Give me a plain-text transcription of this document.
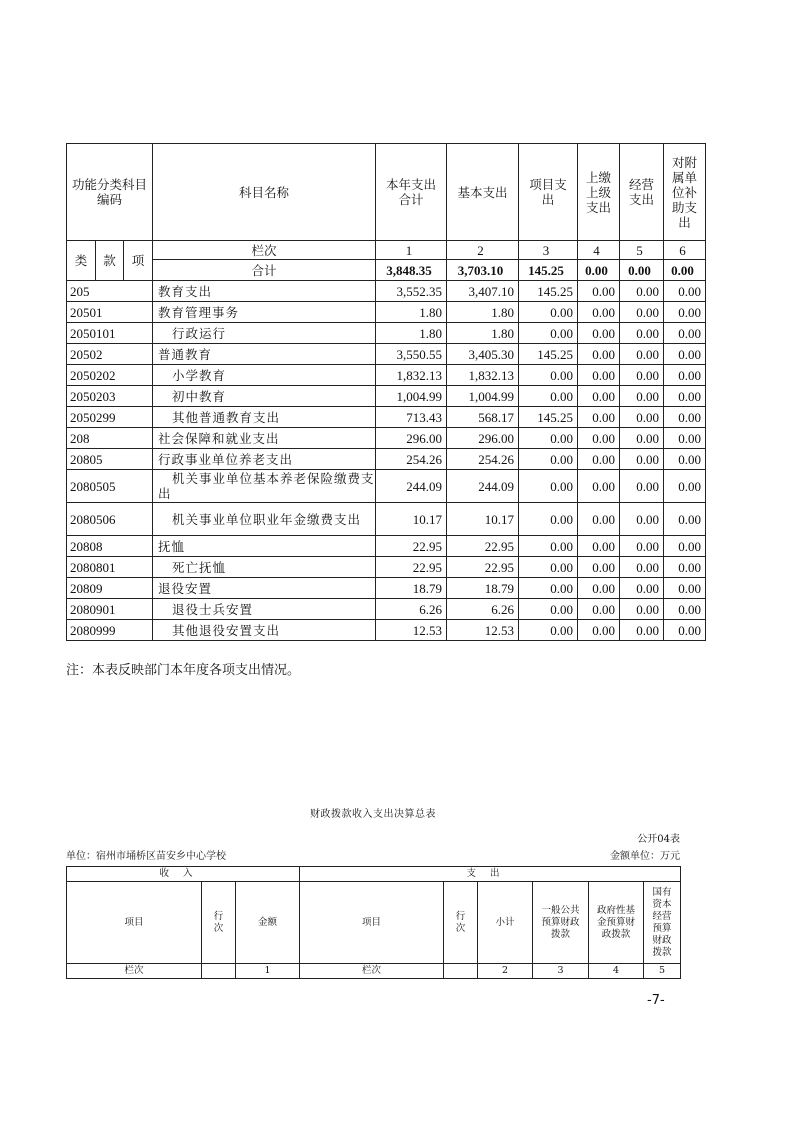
功能分类科目编码			科目名称	本年支出合计	基本支出	项目支出	上缴上级支出	经营支出	对附属单位补助支出
类	款	项	栏次	1	2	3	4	5	6
			合计	3,848.35	3,703.10	145.25	0.00	0.00	0.00
205			教育支出	3,552.35	3,407.10	145.25	0.00	0.00	0.00
20501			教育管理事务	1.80	1.80	0.00	0.00	0.00	0.00
2050101			行政运行	1.80	1.80	0.00	0.00	0.00	0.00
20502			普通教育	3,550.55	3,405.30	145.25	0.00	0.00	0.00
2050202			小学教育	1,832.13	1,832.13	0.00	0.00	0.00	0.00
2050203			初中教育	1,004.99	1,004.99	0.00	0.00	0.00	0.00
2050299			其他普通教育支出	713.43	568.17	145.25	0.00	0.00	0.00
208			社会保障和就业支出	296.00	296.00	0.00	0.00	0.00	0.00
20805			行政事业单位养老支出	254.26	254.26	0.00	0.00	0.00	0.00
2080505			机关事业单位基本养老保险缴费支出	244.09	244.09	0.00	0.00	0.00	0.00
2080506			机关事业单位职业年金缴费支出	10.17	10.17	0.00	0.00	0.00	0.00
20808			抚恤	22.95	22.95	0.00	0.00	0.00	0.00
2080801			死亡抚恤	22.95	22.95	0.00	0.00	0.00	0.00
20809			退役安置	18.79	18.79	0.00	0.00	0.00	0.00
2080901			退役士兵安置	6.26	6.26	0.00	0.00	0.00	0.00
2080999			其他退役安置支出	12.53	12.53	0.00	0.00	0.00	0.00
注：本表反映部门本年度各项支出情况。
财政拨款收入支出决算总表
公开04表
单位：宿州市埇桥区苗安乡中心学校	金额单位：万元
收入			支出					
项目	行次	金额	项目	行次	小计	一般公共预算财政拨款	政府性基金预算财政拨款	国有资本经营预算财政拨款
栏次		1	栏次		2	3	4	5
-7-
